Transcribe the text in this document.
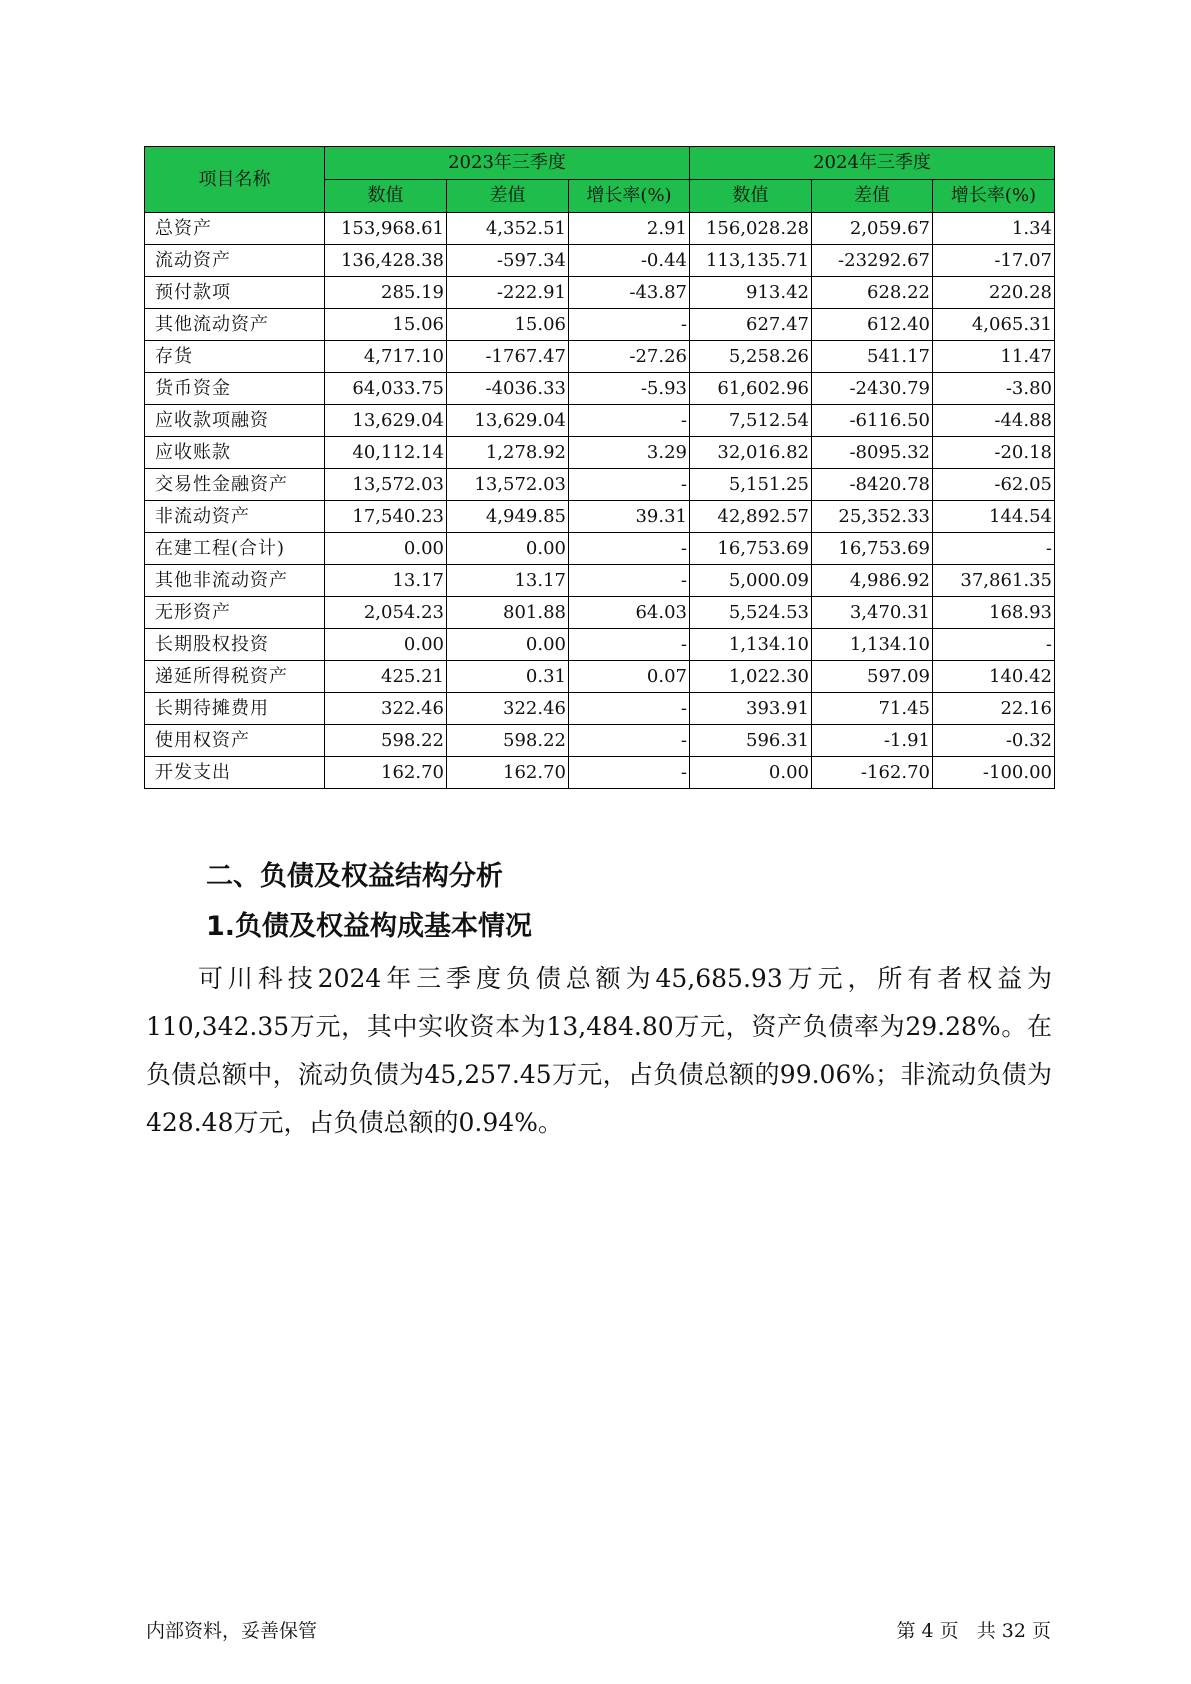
项目名称	2023年三季度			2024年三季度		
	数值	差值	增长率(%)	数值	差值	增长率(%)
总资产	153,968.61	4,352.51	2.91	156,028.28	2,059.67	1.34
流动资产	136,428.38	-597.34	-0.44	113,135.71	-23292.67	-17.07
预付款项	285.19	-222.91	-43.87	913.42	628.22	220.28
其他流动资产	15.06	15.06	-	627.47	612.40	4,065.31
存货	4,717.10	-1767.47	-27.26	5,258.26	541.17	11.47
货币资金	64,033.75	-4036.33	-5.93	61,602.96	-2430.79	-3.80
应收款项融资	13,629.04	13,629.04	-	7,512.54	-6116.50	-44.88
应收账款	40,112.14	1,278.92	3.29	32,016.82	-8095.32	-20.18
交易性金融资产	13,572.03	13,572.03	-	5,151.25	-8420.78	-62.05
非流动资产	17,540.23	4,949.85	39.31	42,892.57	25,352.33	144.54
在建工程(合计)	0.00	0.00	-	16,753.69	16,753.69	-
其他非流动资产	13.17	13.17	-	5,000.09	4,986.92	37,861.35
无形资产	2,054.23	801.88	64.03	5,524.53	3,470.31	168.93
长期股权投资	0.00	0.00	-	1,134.10	1,134.10	-
递延所得税资产	425.21	0.31	0.07	1,022.30	597.09	140.42
长期待摊费用	322.46	322.46	-	393.91	71.45	22.16
使用权资产	598.22	598.22	-	596.31	-1.91	-0.32
开发支出	162.70	162.70	-	0.00	-162.70	-100.00
二、负债及权益结构分析
1.负债及权益构成基本情况

可川科技2024年三季度负债总额为45,685.93万元，所有者权益为110,342.35万元，其中实收资本为13,484.80万元，资产负债率为29.28%。在负债总额中，流动负债为45,257.45万元，占负债总额的99.06%；非流动负债为428.48万元，占负债总额的0.94%。

内部资料，妥善保管	第 4 页   共 32 页
